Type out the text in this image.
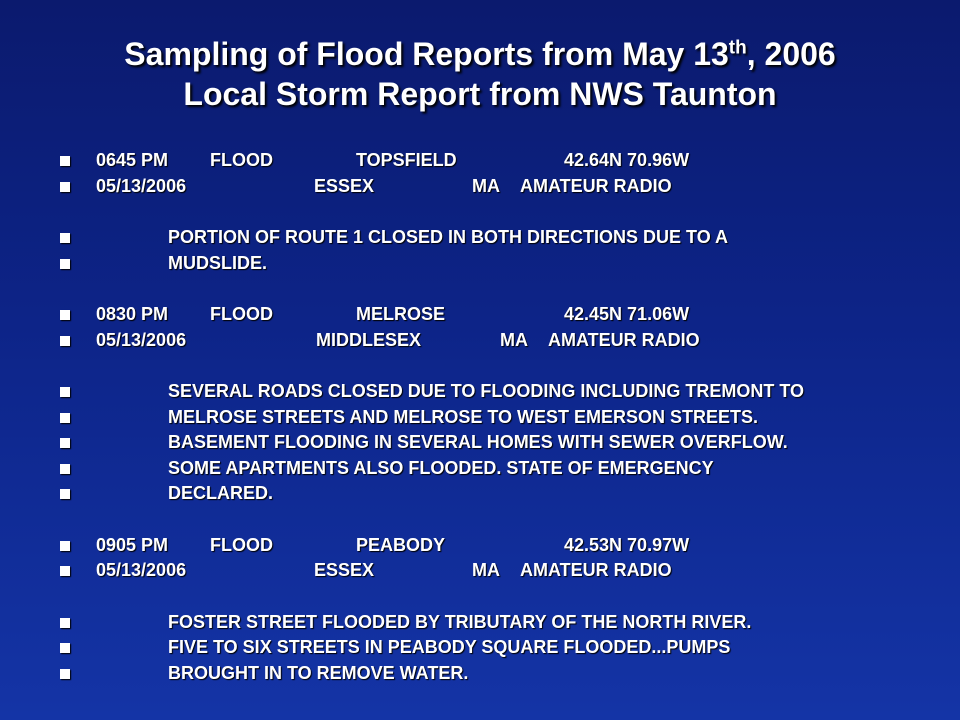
Sampling of Flood Reports from May 13th, 2006
Local Storm Report from NWS Taunton
0645 PM FLOOD	TOPSFIELD	42.64N 70.96W
05/13/2006	ESSEX	MA AMATEUR RADIO
PORTION OF ROUTE 1 CLOSED IN BOTH DIRECTIONS DUE TO A
MUDSLIDE.
0830 PM FLOOD	MELROSE	42.45N 71.06W
05/13/2006	MIDDLESEX	MA AMATEUR RADIO
SEVERAL ROADS CLOSED DUE TO FLOODING INCLUDING TREMONT TO
MELROSE STREETS AND MELROSE TO WEST EMERSON STREETS.
BASEMENT FLOODING IN SEVERAL HOMES WITH SEWER OVERFLOW.
SOME APARTMENTS ALSO FLOODED. STATE OF EMERGENCY
DECLARED.
0905 PM FLOOD	PEABODY	42.53N 70.97W
05/13/2006	ESSEX	MA AMATEUR RADIO
FOSTER STREET FLOODED BY TRIBUTARY OF THE NORTH RIVER.
FIVE TO SIX STREETS IN PEABODY SQUARE FLOODED...PUMPS
BROUGHT IN TO REMOVE WATER.
